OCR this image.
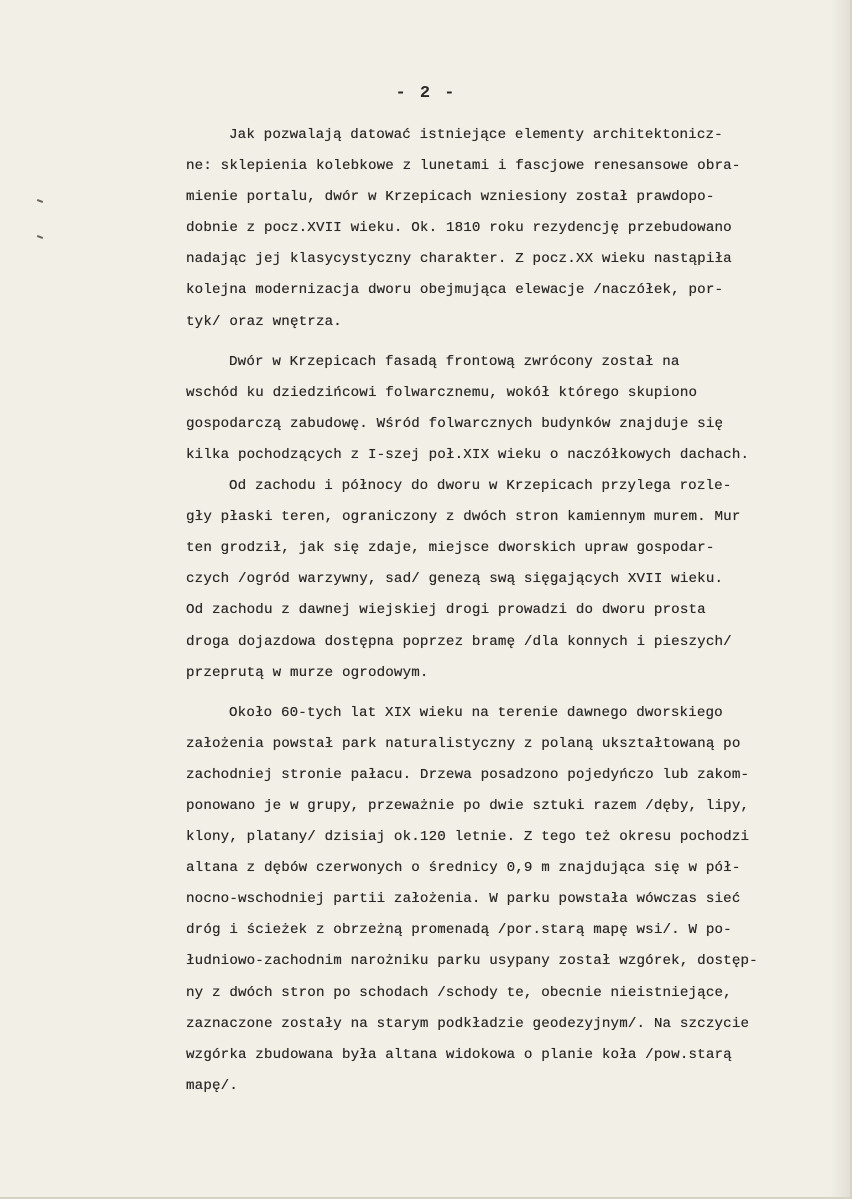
- 2 -
Jak pozwalają datować istniejące elementy architektonicz-
ne: sklepienia kolebkowe z lunetami i fascjowe renesansowe obra-
mienie portalu, dwór w Krzepicach wzniesiony został prawdopo-
dobnie z pocz.XVII wieku. Ok. 1810 roku rezydencję przebudowano
nadając jej klasycystyczny charakter. Z pocz.XX wieku nastąpiła
kolejna modernizacja dworu obejmująca elewacje /naczółek, por-
tyk/ oraz wnętrza.
Dwór w Krzepicach fasadą frontową zwrócony został na
wschód ku dziedzińcowi folwarcznemu, wokół którego skupiono
gospodarczą zabudowę. Wśród folwarcznych budynków znajduje się
kilka pochodzących z I-szej poł.XIX wieku o naczółkowych dachach.
Od zachodu i północy do dworu w Krzepicach przylega rozle-
gły płaski teren, ograniczony z dwóch stron kamiennym murem. Mur
ten grodził, jak się zdaje, miejsce dworskich upraw gospodar-
czych /ogród warzywny, sad/ genezą swą sięgających XVII wieku.
Od zachodu z dawnej wiejskiej drogi prowadzi do dworu prosta
droga dojazdowa dostępna poprzez bramę /dla konnych i pieszych/
przeprutą w murze ogrodowym.
Około 60-tych lat XIX wieku na terenie dawnego dworskiego
założenia powstał park naturalistyczny z polaną ukształtowaną po
zachodniej stronie pałacu. Drzewa posadzono pojedyńczo lub zakom-
ponowano je w grupy, przeważnie po dwie sztuki razem /dęby, lipy,
klony, platany/ dzisiaj ok.120 letnie. Z tego też okresu pochodzi
altana z dębów czerwonych o średnicy 0,9 m znajdująca się w pół-
nocno-wschodniej partii założenia. W parku powstała wówczas sieć
dróg i ścieżek z obrzeżną promenadą /por.starą mapę wsi/. W po-
łudniowo-zachodnim narożniku parku usypany został wzgórek, dostęp-
ny z dwóch stron po schodach /schody te, obecnie nieistniejące,
zaznaczone zostały na starym podkładzie geodezyjnym/. Na szczycie
wzgórka zbudowana była altana widokowa o planie koła /pow.starą
mapę/.
